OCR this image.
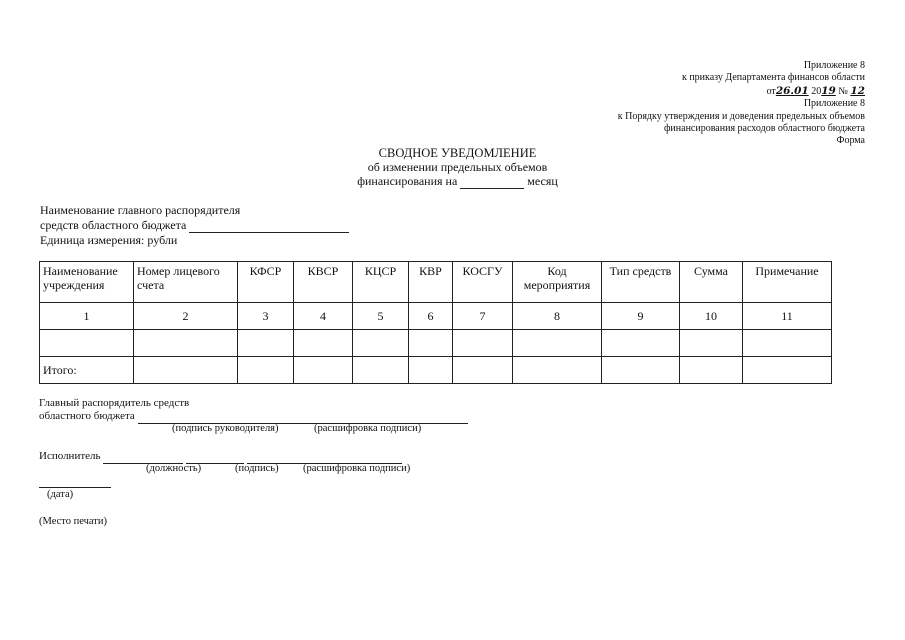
Приложение 8
к приказу Департамента финансов области
от26.01 2019 № 12
Приложение 8
к Порядку утверждения и доведения предельных объемов
финансирования расходов областного бюджета
Форма
СВОДНОЕ УВЕДОМЛЕНИЕ
об изменении предельных объемов
финансирования на	месяц
Наименование главного распорядителя
средств областного бюджета
Единица измерения: рубли
Наименование учреждения	Номер лицевого счета	КФСР	КВСР	КЦСР	КВР	КОСГУ	Код мероприятия	Тип средств	Сумма	Примечание
1	2	3	4	5	6	7	8	9	10	11

Итого:										
Главный распорядитель средств
областного бюджета
(подпись руководителя)	(расшифровка подписи)
Исполнитель
(должность)	(подпись) (расшифровка подписи)
(дата)
(Место печати)
